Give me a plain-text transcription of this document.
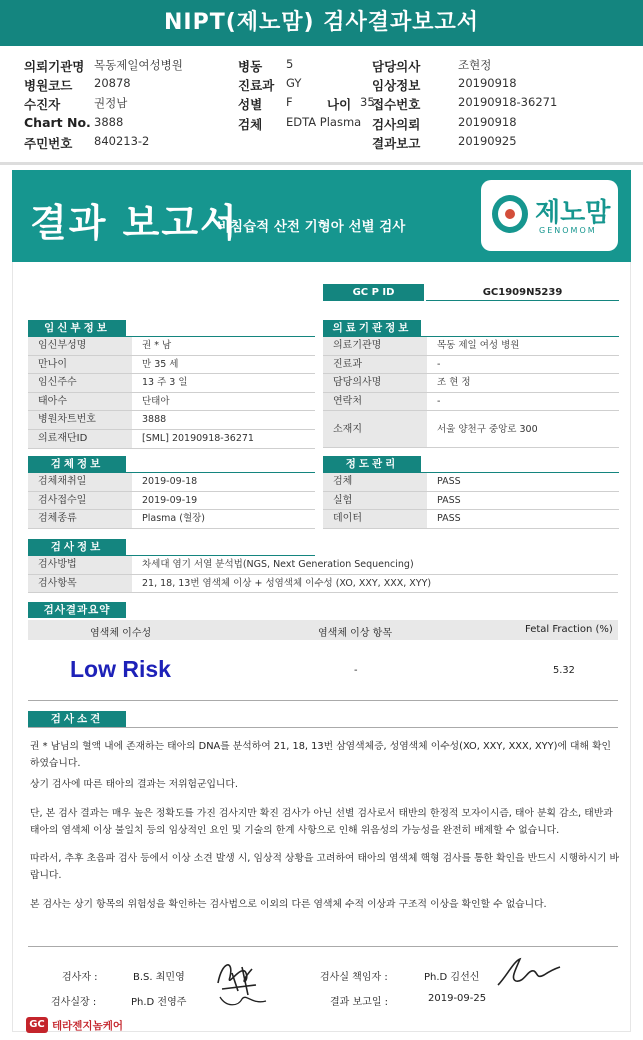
NIPT(제노맘) 검사결과보고서
의뢰기관명 목동제일여성병원
병원코드 20878
수진자	권정남
Chart No. 3888
주민번호 840213-2
병동 5
진료과 GY
성별 F
검체 EDTA Plasma
나이 35
담당의사	조현정
임상정보	20190918
접수번호	20190918-36271
검사의뢰	20190918
결과보고	20190925
결과 보고서
비침습적 산전 기형아 선별 검사	제노맘
GENOMOM
GC P ID	GC1909N5239
임신부정보
임신부성명	권 * 남
만나이	만 35 세
임신주수	13 주 3 일
태아수	단태아
병원차트번호	3888
의료재단ID	[SML] 20190918-36271
의료기관정보
의료기관명	목동 제일 여성 병원
진료과	-
담당의사명	조 현 정
연락처	-
소재지	서울 양천구 중앙로 300
검체정보
검체채취일	2019-09-18
검사접수일	2019-09-19
검체종류	Plasma (혈장)
정도관리
검체	PASS
실험	PASS
데이터	PASS
검사정보
검사방법	차세대 염기 서열 분석법(NGS, Next Generation Sequencing)
검사항목	21, 18, 13번 염색체 이상 + 성염색체 이수성 (XO, XXY, XXX, XYY)
검사결과요약
염색체 이수성	염색체 이상 항목	Fetal Fraction (%)
Low Risk	-	5.32
검사소견
권 * 남님의 혈액 내에 존재하는 태아의 DNA를 분석하여 21, 18, 13번 삼염색체증, 성염색체 이수성(XO, XXY, XXX, XYY)에 대해 확인하였습니다.
상기 검사에 따른 태아의 결과는 저위험군입니다.
단, 본 검사 결과는 매우 높은 정확도를 가진 검사지만 확진 검사가 아닌 선별 검사로서 태반의 한정적 모자이시즘, 태아 분획 감소, 태반과 태아의 염색체 이상 불일치 등의 임상적인 요인 및 기술의 한계 사항으로 인해 위음성의 가능성을 완전히 배제할 수 없습니다.
따라서, 추후 초음파 검사 등에서 이상 소견 발생 시, 임상적 상황을 고려하여 태아의 염색체 핵형 검사를 통한 확인을 반드시 시행하시기 바랍니다.
본 검사는 상기 항목의 위험성을 확인하는 검사법으로 이외의 다른 염색체 수적 이상과 구조적 이상을 확인할 수 없습니다.
검사자 :	B.S. 최민영
검사실장 :	Ph.D 전영주
검사실 책임자 :	Ph.D 김선신
결과 보고일 :	2019-09-25
GC 테라젠지놈케어
